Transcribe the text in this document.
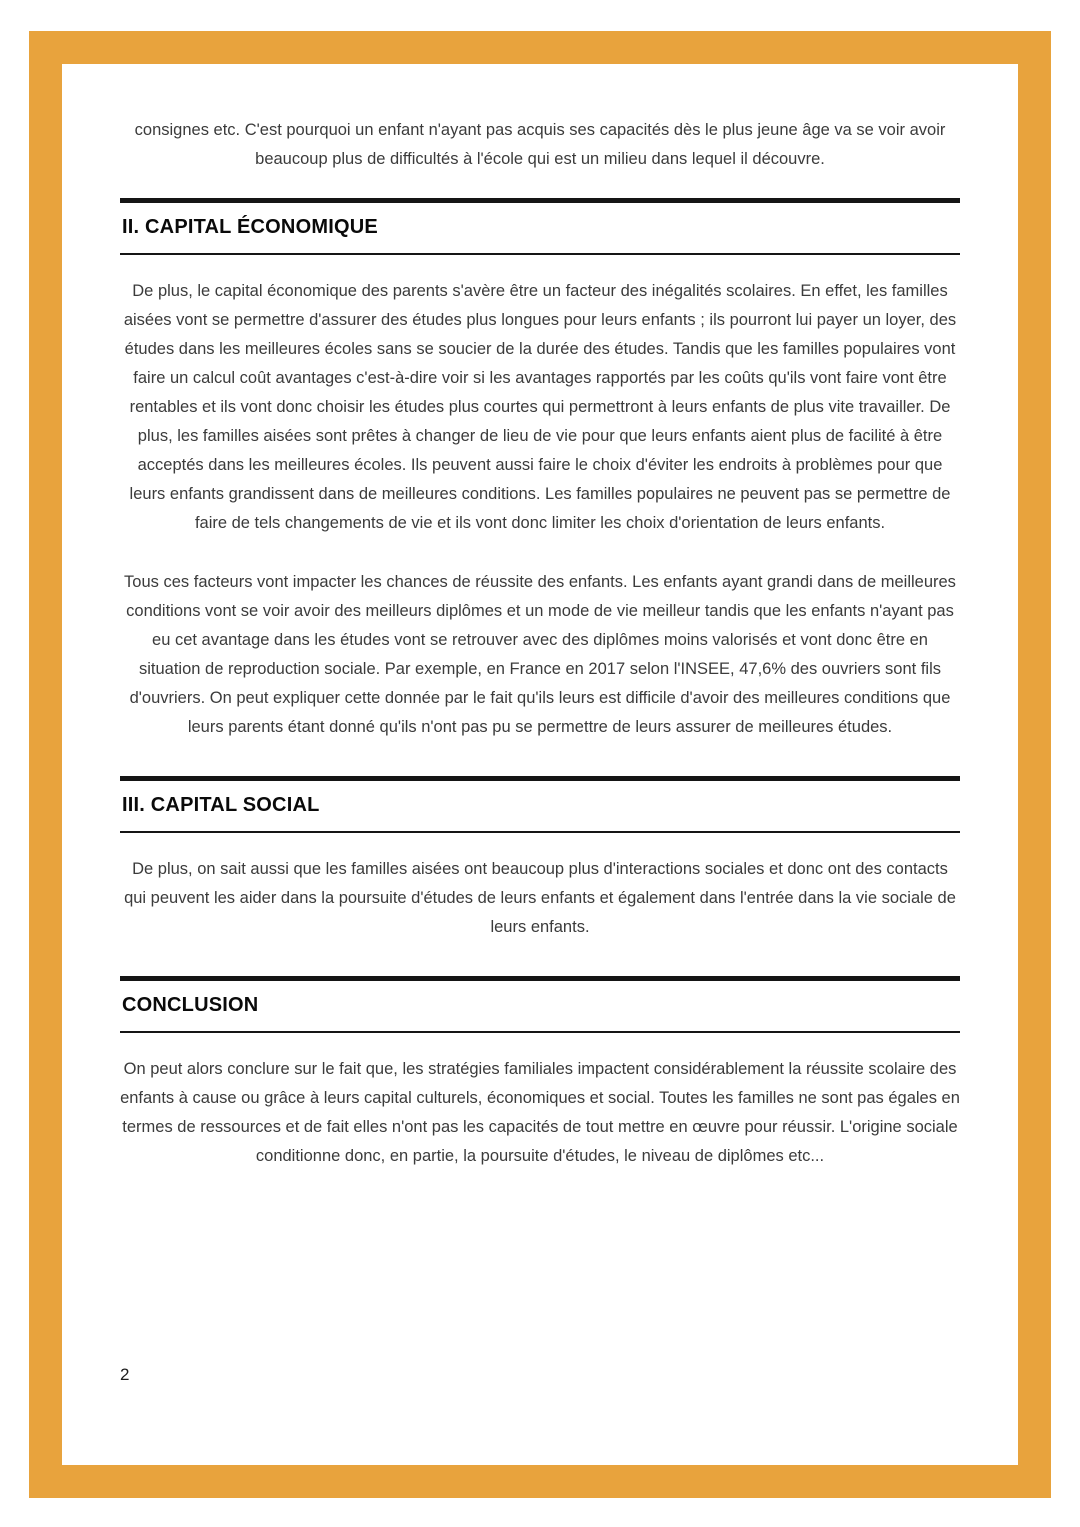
consignes etc. C'est pourquoi un enfant n'ayant pas acquis ses capacités dès le plus jeune âge va se voir avoir beaucoup plus de difficultés à l'école qui est un milieu dans lequel il découvre.

II. CAPITAL ÉCONOMIQUE

De plus, le capital économique des parents s'avère être un facteur des inégalités scolaires. En effet, les familles aisées vont se permettre d'assurer des études plus longues pour leurs enfants ; ils pourront lui payer un loyer, des études dans les meilleures écoles sans se soucier de la durée des études. Tandis que les familles populaires vont faire un calcul coût avantages c'est-à-dire voir si les avantages rapportés par les coûts qu'ils vont faire vont être rentables et ils vont donc choisir les études plus courtes qui permettront à leurs enfants de plus vite travailler. De plus, les familles aisées sont prêtes à changer de lieu de vie pour que leurs enfants aient plus de facilité à être acceptés dans les meilleures écoles. Ils peuvent aussi faire le choix d'éviter les endroits à problèmes pour que leurs enfants grandissent dans de meilleures conditions. Les familles populaires ne peuvent pas se permettre de faire de tels changements de vie et ils vont donc limiter les choix d'orientation de leurs enfants.

Tous ces facteurs vont impacter les chances de réussite des enfants. Les enfants ayant grandi dans de meilleures conditions vont se voir avoir des meilleurs diplômes et un mode de vie meilleur tandis que les enfants n'ayant pas eu cet avantage dans les études vont se retrouver avec des diplômes moins valorisés et vont donc être en situation de reproduction sociale. Par exemple, en France en 2017 selon l'INSEE, 47,6% des ouvriers sont fils d'ouvriers. On peut expliquer cette donnée par le fait qu'ils leurs est difficile d'avoir des meilleures conditions que leurs parents étant donné qu'ils n'ont pas pu se permettre de leurs assurer de meilleures études.

III. CAPITAL SOCIAL

De plus, on sait aussi que les familles aisées ont beaucoup plus d'interactions sociales et donc ont des contacts qui peuvent les aider dans la poursuite d'études de leurs enfants et également dans l'entrée dans la vie sociale de leurs enfants.

CONCLUSION

On peut alors conclure sur le fait que, les stratégies familiales impactent considérablement la réussite scolaire des enfants à cause ou grâce à leurs capital culturels, économiques et social. Toutes les familles ne sont pas égales en termes de ressources et de fait elles n'ont pas les capacités de tout mettre en œuvre pour réussir. L'origine sociale conditionne donc, en partie, la poursuite d'études, le niveau de diplômes etc...

2
